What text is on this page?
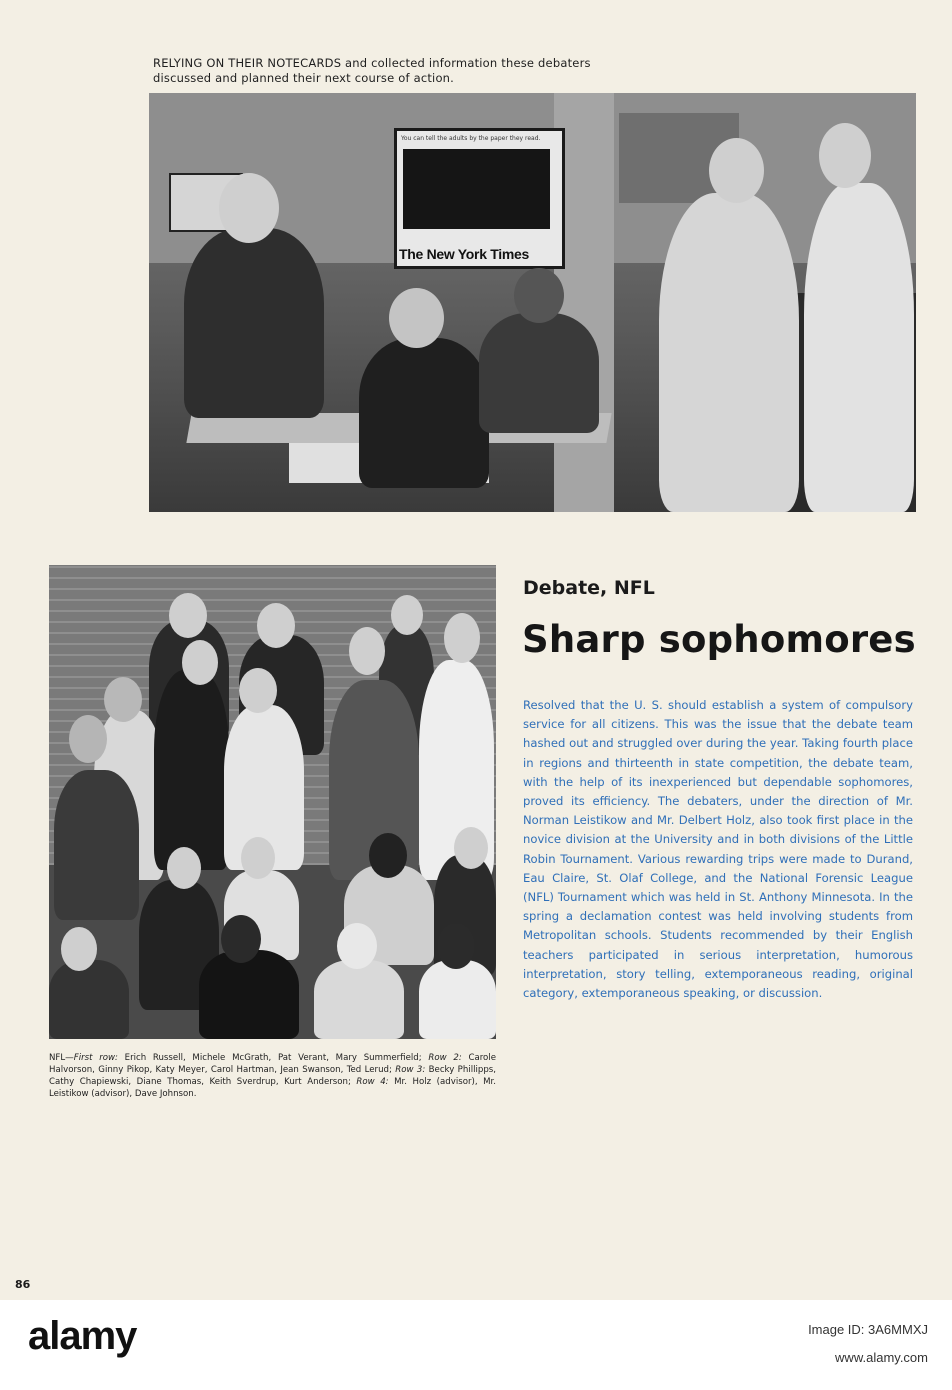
RELYING ON THEIR NOTECARDS and collected information these debaters discussed and planned their next course of action.
You can tell the adults by the paper they read.
The New York Times
Debate, NFL
Sharp sophomores

Resolved that the U. S. should establish a system of compulsory service for all citizens. This was the issue that the debate team hashed out and struggled over during the year. Taking fourth place in regions and thirteenth in state competition, the debate team, with the help of its inexperienced but dependable sophomores, proved its efficiency. The debaters, under the direction of Mr. Norman Leistikow and Mr. Delbert Holz, also took first place in the novice division at the University and in both divisions of the Little Robin Tournament. Various rewarding trips were made to Durand, Eau Claire, St. Olaf College, and the National Forensic League (NFL) Tournament which was held in St. Anthony Minnesota. In the spring a declamation contest was held involving students from Metropolitan schools. Students recommended by their English teachers participated in serious interpretation, humorous interpretation, story telling, extemporaneous reading, original category, extemporaneous speaking, or discussion.

NFL—First row: Erich Russell, Michele McGrath, Pat Verant, Mary Summerfield; Row 2: Carole Halvorson, Ginny Pikop, Katy Meyer, Carol Hartman, Jean Swanson, Ted Lerud; Row 3: Becky Phillipps, Cathy Chapiewski, Diane Thomas, Keith Sverdrup, Kurt Anderson; Row 4: Mr. Holz (advisor), Mr. Leistikow (advisor), Dave Johnson.
86
alamy	Image ID: 3A6MMXJ
www.alamy.com
